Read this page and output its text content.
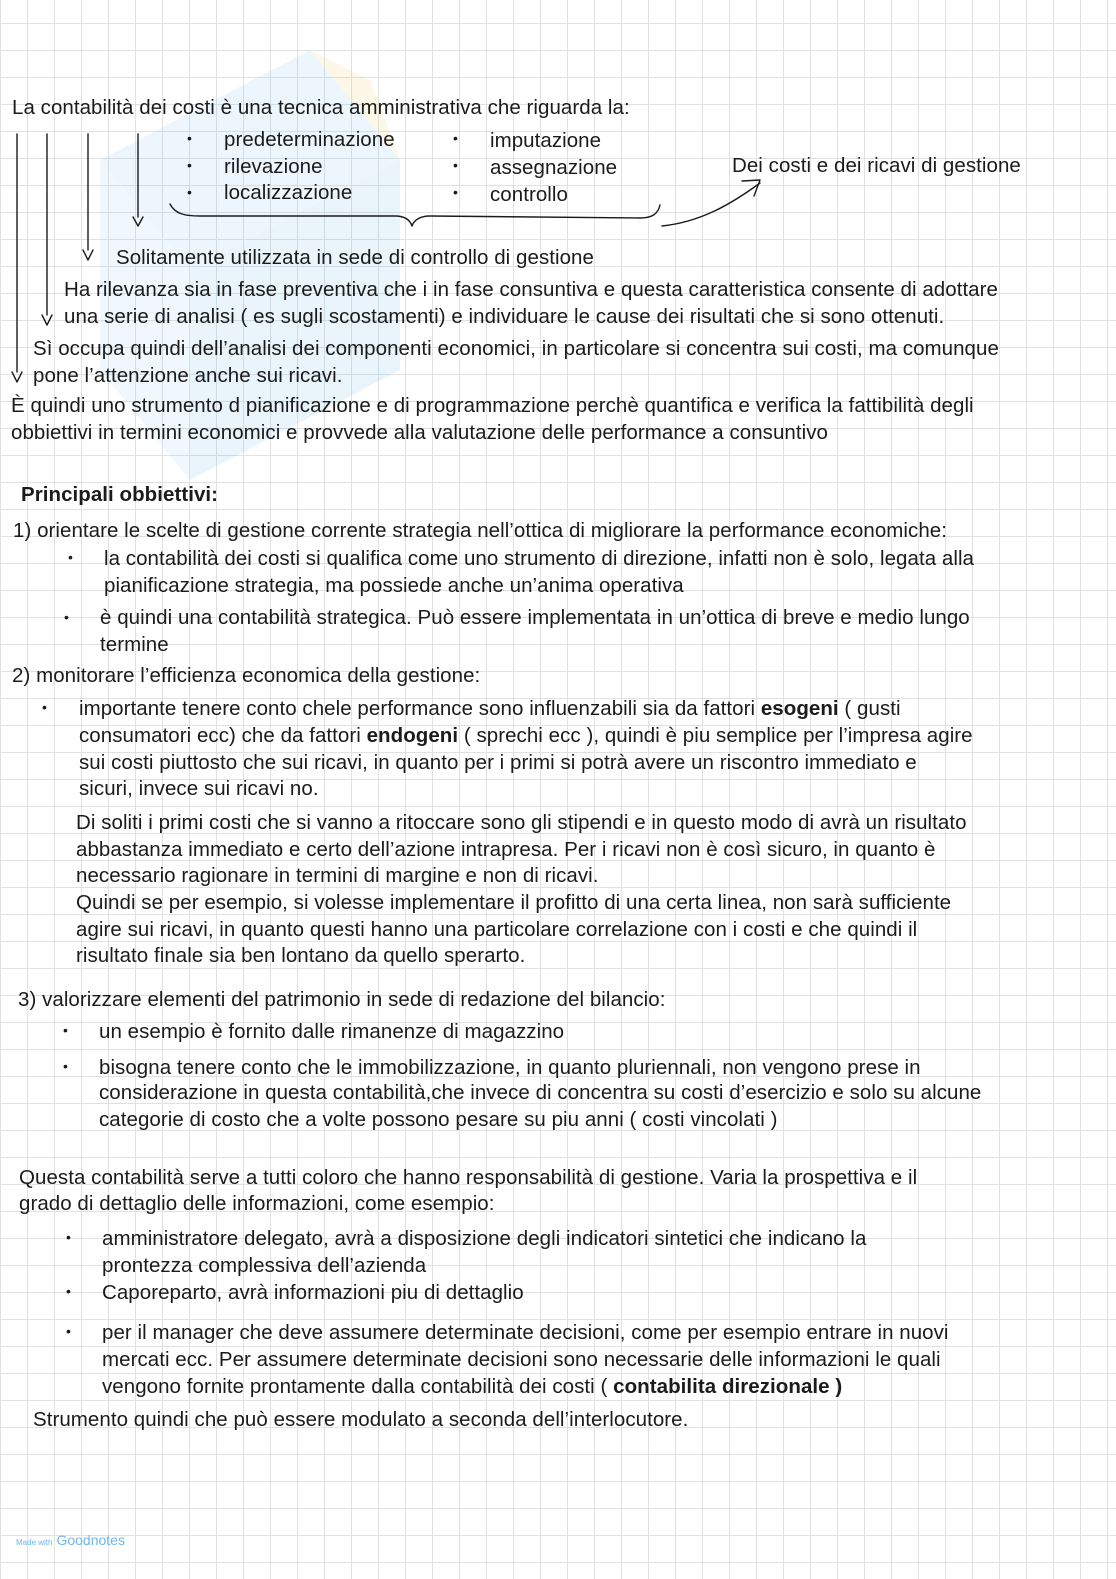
La contabilità dei costi è una tecnica amministrativa che riguarda la:
• predeterminazione
• rilevazione
• localizzazione
• imputazione
• assegnazione
• controllo
Dei costi e dei ricavi di gestione
Solitamente utilizzata in sede di controllo di gestione
Ha rilevanza sia in fase preventiva che i in fase consuntiva e questa caratteristica consente di adottare
una serie di analisi ( es sugli scostamenti) e individuare le cause dei risultati che si sono ottenuti.
Sì occupa quindi dell’analisi dei componenti economici, in particolare si concentra sui costi, ma comunque
pone l’attenzione anche sui ricavi.
È quindi uno strumento d pianificazione e di programmazione perchè quantifica e verifica la fattibilità degli
obbiettivi in termini economici e provvede alla valutazione delle performance a consuntivo
Principali obbiettivi:
1) orientare le scelte di gestione corrente strategia nell’ottica di migliorare la performance economiche:
• la contabilità dei costi si qualifica come uno strumento di direzione, infatti non è solo, legata alla
pianificazione strategia, ma possiede anche un’anima operativa
• è quindi una contabilità strategica. Può essere implementata in un’ottica di breve e medio lungo
termine
2) monitorare l’efficienza economica della gestione:
• importante tenere conto chele performance sono influenzabili sia da fattori esogeni ( gusti
consumatori ecc) che da fattori endogeni ( sprechi ecc ), quindi è piu semplice per l’impresa agire
sui costi piuttosto che sui ricavi, in quanto per i primi si potrà avere un riscontro immediato e
sicuri, invece sui ricavi no.
Di soliti i primi costi che si vanno a ritoccare sono gli stipendi e in questo modo di avrà un risultato
abbastanza immediato e certo dell’azione intrapresa. Per i ricavi non è così sicuro, in quanto è
necessario ragionare in termini di margine e non di ricavi.
Quindi se per esempio, si volesse implementare il profitto di una certa linea, non sarà sufficiente
agire sui ricavi, in quanto questi hanno una particolare correlazione con i costi e che quindi il
risultato finale sia ben lontano da quello sperarto.
3) valorizzare elementi del patrimonio in sede di redazione del bilancio:
• un esempio è fornito dalle rimanenze di magazzino
• bisogna tenere conto che le immobilizzazione, in quanto pluriennali, non vengono prese in
considerazione in questa contabilità,che invece di concentra su costi d’esercizio e solo su alcune
categorie di costo che a volte possono pesare su piu anni ( costi vincolati )
Questa contabilità serve a tutti coloro che hanno responsabilità di gestione. Varia la prospettiva e il
grado di dettaglio delle informazioni, come esempio:
• amministratore delegato, avrà a disposizione degli indicatori sintetici che indicano la
prontezza complessiva dell’azienda
• Caporeparto, avrà informazioni piu di dettaglio
• per il manager che deve assumere determinate decisioni, come per esempio entrare in nuovi
mercati ecc. Per assumere determinate decisioni sono necessarie delle informazioni le quali
vengono fornite prontamente dalla contabilità dei costi ( contabilita direzionale )
Strumento quindi che può essere modulato a seconda dell’interlocutore.
Made with Goodnotes
